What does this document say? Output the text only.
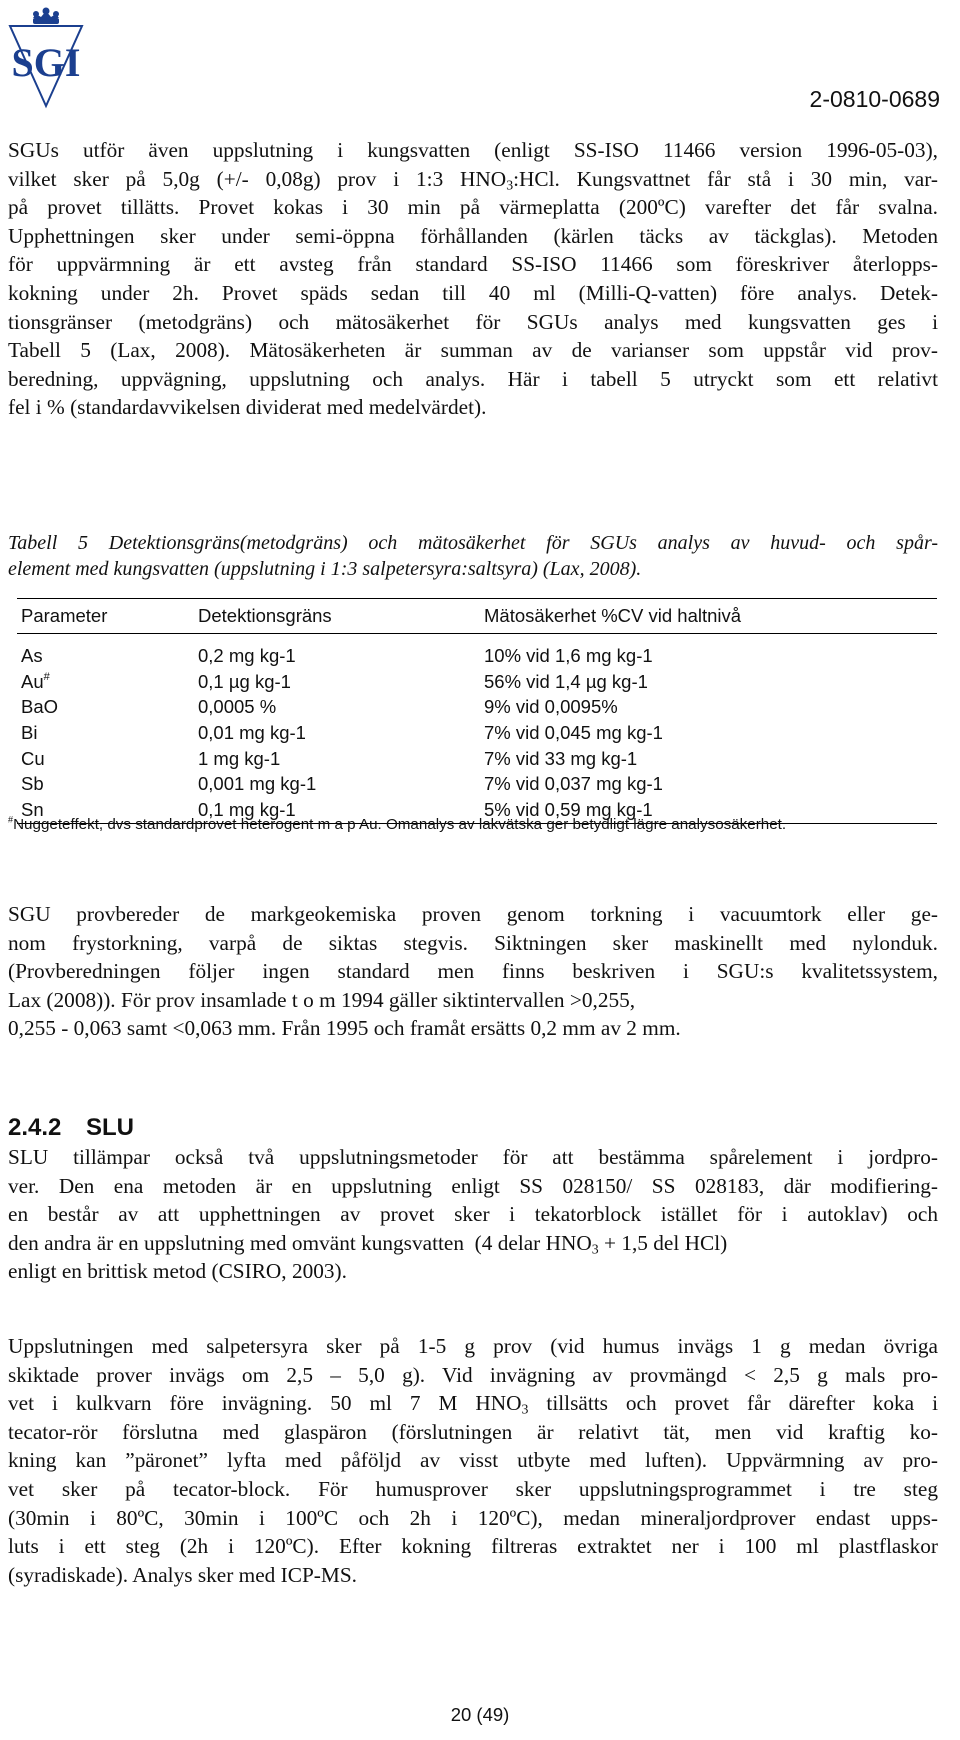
SGI
2-0810-0689
SGUs utför även uppslutning i kungsvatten (enligt SS-ISO 11466 version 1996-05-03),
vilket sker på 5,0g (+/- 0,08g) prov i 1:3 $HNO_3:HCl$. Kungsvattnet får stå i 30 min, var-
på provet tillätts. Provet kokas i 30 min på värmeplatta (200ºC) varefter det får svalna.
Upphettningen sker under semi-öppna förhållanden (kärlen täcks av täckglas). Metoden
för uppvärmning är ett avsteg från standard SS-ISO 11466 som föreskriver återlopps-
kokning under 2h. Provet späds sedan till 40 ml (Milli-Q-vatten) före analys. Detek-
tionsgränser (metodgräns) och mätosäkerhet för SGUs analys med kungsvatten ges i
Tabell 5 (Lax, 2008). Mätosäkerheten är summan av de varianser som uppstår vid prov-
beredning, uppvägning, uppslutning och analys. Här i tabell 5 utryckt som ett relativt
fel i % (standardavvikelsen dividerat med medelvärdet).
Tabell 5 Detektionsgräns(metodgräns) och mätosäkerhet för SGUs analys av huvud- och spår-
element med kungsvatten (uppslutning i 1:3 salpetersyra:saltsyra) (Lax, 2008).
Parameter	Detektionsgräns	Mätosäkerhet %CV vid haltnivå
As	0,2 mg kg-1	10% vid 1,6 mg kg-1
Au#	0,1 µg kg-1	56% vid 1,4 µg kg-1
BaO	0,0005 %	9% vid 0,0095%
Bi	0,01 mg kg-1	7% vid 0,045 mg kg-1
Cu	1 mg kg-1	7% vid 33 mg kg-1
Sb	0,001 mg kg-1	7% vid 0,037 mg kg-1
Sn	0,1 mg kg-1	5% vid 0,59 mg kg-1
#Nuggeteffekt, dvs standardprovet heterogent m a p Au. Omanalys av lakvätska ger betydligt lägre analysosäkerhet.
SGU provbereder de markgeokemiska proven genom torkning i vacuumtork eller ge-
nom frystorkning, varpå de siktas stegvis. Siktningen sker maskinellt med nylonduk.
(Provberedningen följer ingen standard men finns beskriven i SGU:s kvalitetssystem,
Lax (2008)). För prov insamlade t o m 1994 gäller siktintervallen >0,255,
0,255 - 0,063 samt <0,063 mm. Från 1995 och framåt ersätts 0,2 mm av 2 mm.
2.4.2 SLU
SLU tillämpar också två uppslutningsmetoder för att bestämma spårelement i jordpro-
ver. Den ena metoden är en uppslutning enligt SS 028150/ SS 028183, där modifiering-
en består av att upphettningen av provet sker i tekatorblock istället för i autoklav) och
den andra är en uppslutning med omvänt kungsvatten  (4 delar $HNO_3 + 1,5$ del HCl)
enligt en brittisk metod (CSIRO, 2003).
Uppslutningen med salpetersyra sker på 1-5 g prov (vid humus invägs 1 g medan övriga
skiktade prover invägs om 2,5 – 5,0 g). Vid invägning av provmängd < 2,5 g mals pro-
vet i kulkvarn före invägning. 50 ml 7 M $HNO_3$ tillsätts och provet får därefter koka i
tecator-rör förslutna med glaspäron (förslutningen är relativt tät, men vid kraftig ko-
kning kan ”päronet” lyfta med påföljd av visst utbyte med luften). Uppvärmning av pro-
vet sker på tecator-block. För humusprover sker uppslutningsprogrammet i tre steg
(30min i 80ºC, 30min i 100ºC och 2h i 120ºC), medan mineraljordprover endast upps-
luts i ett steg (2h i 120ºC). Efter kokning filtreras extraktet ner i 100 ml plastflaskor
(syradiskade). Analys sker med ICP-MS.
20 (49)
